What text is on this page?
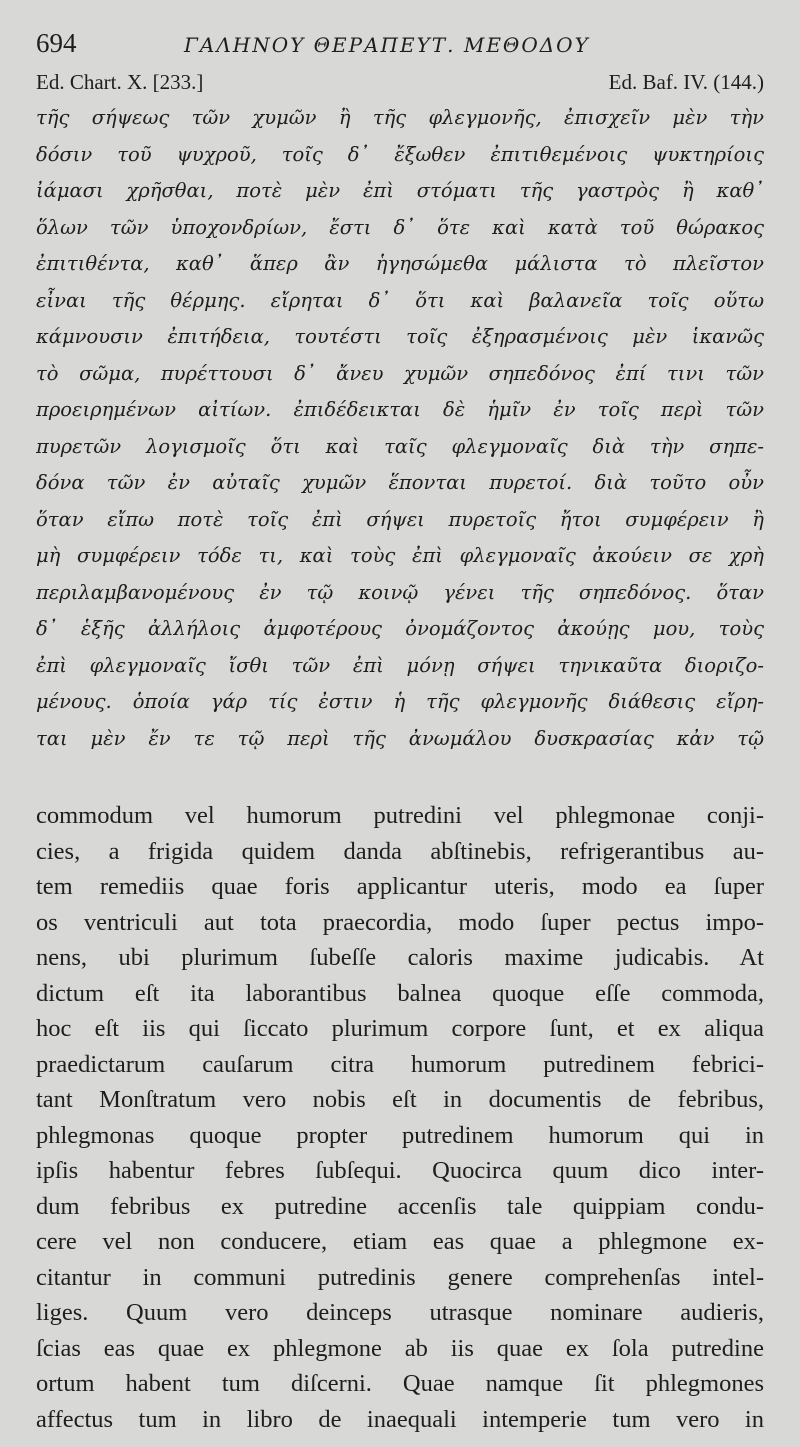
694	ΓΑΛΗΝΟΥ ΘΕΡΑΠΕΥΤ. ΜΕΘΟΔΟΥ
Ed. Chart. X. [233.]	Ed. Baf. IV. (144.)
τῆς σήψεως τῶν χυμῶν ἢ τῆς φλεγμονῆς, ἐπισχεῖν μὲν τὴν
δόσιν τοῦ ψυχροῦ, τοῖς δ᾽ ἔξωθεν ἐπιτιθεμένοις ψυκτηρίοις
ἰάμασι χρῆσθαι, ποτὲ μὲν ἐπὶ στόματι τῆς γαστρὸς ἢ καθ᾽
ὅλων τῶν ὑποχονδρίων, ἔστι δ᾽ ὅτε καὶ κατὰ τοῦ θώρακος
ἐπιτιθέντα, καθ᾽ ἅπερ ἂν ἡγησώμεθα μάλιστα τὸ πλεῖστον
εἶναι τῆς θέρμης. εἴρηται δ᾽ ὅτι καὶ βαλανεῖα τοῖς οὕτω
κάμνουσιν ἐπιτήδεια, τουτέστι τοῖς ἐξηρασμένοις μὲν ἱκανῶς
τὸ σῶμα, πυρέττουσι δ᾽ ἄνευ χυμῶν σηπεδόνος ἐπί τινι τῶν
προειρημένων αἰτίων. ἐπιδέδεικται δὲ ἡμῖν ἐν τοῖς περὶ τῶν
πυρετῶν λογισμοῖς ὅτι καὶ ταῖς φλεγμοναῖς διὰ τὴν σηπε-
δόνα τῶν ἐν αὐταῖς χυμῶν ἕπονται πυρετοί. διὰ τοῦτο οὖν
ὅταν εἴπω ποτὲ τοῖς ἐπὶ σήψει πυρετοῖς ἤτοι συμφέρειν ἢ
μὴ συμφέρειν τόδε τι, καὶ τοὺς ἐπὶ φλεγμοναῖς ἀκούειν σε χρὴ
περιλαμβανομένους ἐν τῷ κοινῷ γένει τῆς σηπεδόνος. ὅταν
δ᾽ ἑξῆς ἀλλήλοις ἀμφοτέρους ὀνομάζοντος ἀκούῃς μου, τοὺς
ἐπὶ φλεγμοναῖς ἴσθι τῶν ἐπὶ μόνῃ σήψει τηνικαῦτα διοριζο-
μένους. ὁποία γάρ τίς ἐστιν ἡ τῆς φλεγμονῆς διάθεσις εἴρη-
ται μὲν ἔν τε τῷ περὶ τῆς ἀνωμάλου δυσκρασίας κἀν τῷ
commodum vel humorum putredini vel phlegmonae conji-
cies, a frigida quidem danda abſtinebis, refrigerantibus au-
tem remediis quae foris applicantur uteris, modo ea ſuper
os ventriculi aut tota praecordia, modo ſuper pectus impo-
nens, ubi plurimum ſubeſſe caloris maxime judicabis. At
dictum eſt ita laborantibus balnea quoque eſſe commoda,
hoc eſt iis qui ſiccato plurimum corpore ſunt, et ex aliqua
praedictarum cauſarum citra humorum putredinem febrici-
tant Monſtratum vero nobis eſt in documentis de febribus,
phlegmonas quoque propter putredinem humorum qui in
ipſis habentur febres ſubſequi. Quocirca quum dico inter-
dum febribus ex putredine accenſis tale quippiam condu-
cere vel non conducere, etiam eas quae a phlegmone ex-
citantur in communi putredinis genere comprehenſas intel-
liges. Quum vero deinceps utrasque nominare audieris,
ſcias eas quae ex phlegmone ab iis quae ex ſola putredine
ortum habent tum diſcerni. Quae namque ſit phlegmones
affectus tum in libro de inaequali intemperie tum vero in
